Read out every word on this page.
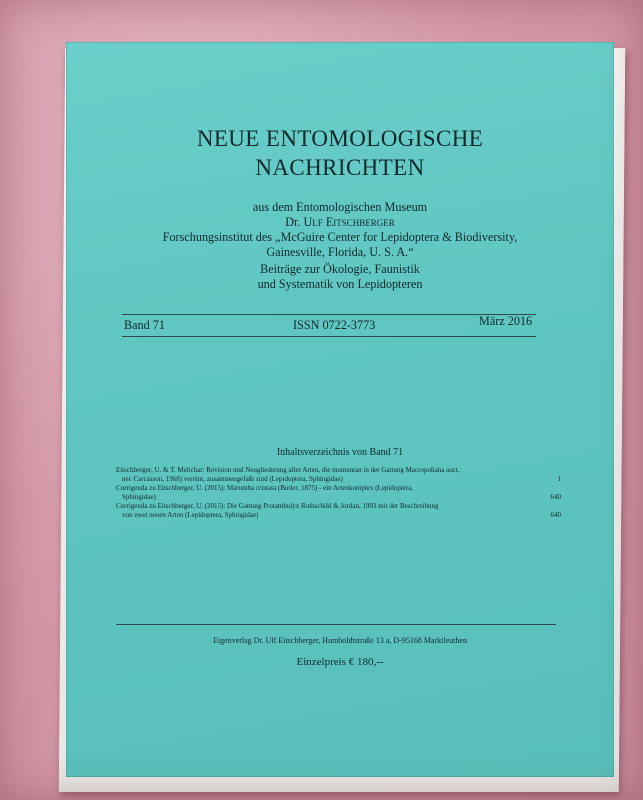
NEUE ENTOMOLOGISCHE
NACHRICHTEN
aus dem Entomologischen Museum
Dr. Ulf Eitschberger
Forschungsinstitut des „McGuire Center for Lepidoptera & Biodiversity,
Gainesville, Florida, U. S. A.“
Beiträge zur Ökologie, Faunistik
und Systematik von Lepidopteren
Band 71	ISSN 0722-3773	März 2016
Inhaltsverzeichnis von Band 71
Eitschberger, U. & T. Melichar: Revision und Neugliederung aller Arten, die momentan in der Gattung Macropoliana auct.
nec Carcasson, 1968) vereint, zusammengefaßt sind (Lepidoptera, Sphingidae)	1
Corrigenda zu Eitschberger, U. (2015): Marumba cristata (Butler, 1875) - ein Artenkomplex (Lepidoptera,
Sphingidae)	640
Corrigenda zu Eitschberger, U. (2015): Die Gattung Protambulyx Rothschild & Jordan, 1903 mit der Beschreibung
von zwei neuen Arten (Lepidoptera, Sphingidae)	640
Eigenverlag Dr. Ulf Eitschberger, Humboldtstraße 13 a, D-95168 Marktleuthen
Einzelpreis € 180,--
